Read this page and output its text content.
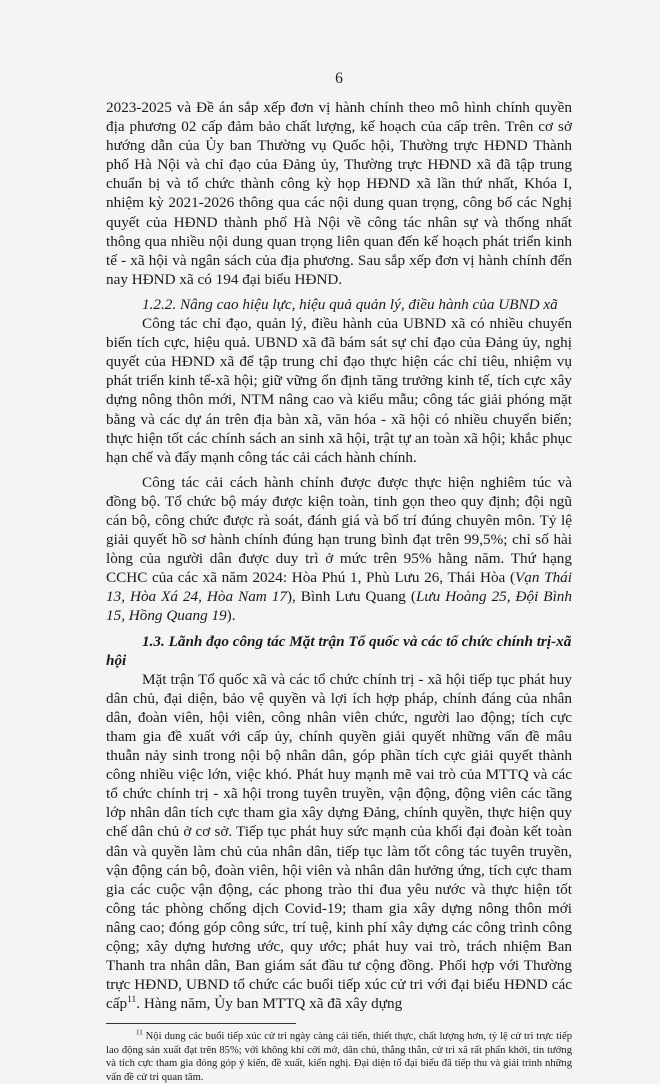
6

2023-2025 và Đề án sắp xếp đơn vị hành chính theo mô hình chính quyền địa phương 02 cấp đảm bảo chất lượng, kế hoạch của cấp trên. Trên cơ sở hướng dẫn của Ủy ban Thường vụ Quốc hội, Thường trực HĐND Thành phố Hà Nội và chỉ đạo của Đảng ủy, Thường trực HĐND xã đã tập trung chuẩn bị và tổ chức thành công kỳ họp HĐND xã lần thứ nhất, Khóa I, nhiệm kỳ 2021-2026 thông qua các nội dung quan trọng, công bố các Nghị quyết của HĐND thành phố Hà Nội về công tác nhân sự và thống nhất thông qua nhiều nội dung quan trọng liên quan đến kế hoạch phát triển kinh tế - xã hội và ngân sách của địa phương. Sau sắp xếp đơn vị hành chính đến nay HĐND xã có 194 đại biểu HĐND.

1.2.2. Nâng cao hiệu lực, hiệu quả quản lý, điều hành của UBND xã

Công tác chỉ đạo, quản lý, điều hành của UBND xã có nhiều chuyển biến tích cực, hiệu quả. UBND xã đã bám sát sự chỉ đạo của Đảng ủy, nghị quyết của HĐND xã để tập trung chỉ đạo thực hiện các chỉ tiêu, nhiệm vụ phát triển kinh tế-xã hội; giữ vững ổn định tăng trưởng kinh tế, tích cực xây dựng nông thôn mới, NTM nâng cao và kiểu mẫu; công tác giải phóng mặt bằng và các dự án trên địa bàn xã, văn hóa - xã hội có nhiều chuyển biến; thực hiện tốt các chính sách an sinh xã hội, trật tự an toàn xã hội; khắc phục hạn chế và đẩy mạnh công tác cải cách hành chính.

Công tác cải cách hành chính được được thực hiện nghiêm túc và đồng bộ. Tổ chức bộ máy được kiện toàn, tinh gọn theo quy định; đội ngũ cán bộ, công chức được rà soát, đánh giá và bố trí đúng chuyên môn. Tỷ lệ giải quyết hồ sơ hành chính đúng hạn trung bình đạt trên 99,5%; chỉ số hài lòng của người dân được duy trì ở mức trên 95% hằng năm. Thứ hạng CCHC của các xã năm 2024: Hòa Phú 1, Phù Lưu 26, Thái Hòa (Vạn Thái 13, Hòa Xá 24, Hòa Nam 17), Bình Lưu Quang (Lưu Hoàng 25, Đội Bình 15, Hồng Quang 19).

1.3. Lãnh đạo công tác Mặt trận Tổ quốc và các tổ chức chính trị-xã hội

Mặt trận Tổ quốc xã và các tổ chức chính trị - xã hội tiếp tục phát huy dân chủ, đại diện, bảo vệ quyền và lợi ích hợp pháp, chính đáng của nhân dân, đoàn viên, hội viên, công nhân viên chức, người lao động; tích cực tham gia đề xuất với cấp ủy, chính quyền giải quyết những vấn đề mâu thuẫn nảy sinh trong nội bộ nhân dân, góp phần tích cực giải quyết thành công nhiều việc lớn, việc khó. Phát huy mạnh mẽ vai trò của MTTQ và các tổ chức chính trị - xã hội trong tuyên truyền, vận động, động viên các tầng lớp nhân dân tích cực tham gia xây dựng Đảng, chính quyền, thực hiện quy chế dân chủ ở cơ sở. Tiếp tục phát huy sức mạnh của khối đại đoàn kết toàn dân và quyền làm chủ của nhân dân, tiếp tục làm tốt công tác tuyên truyền, vận động cán bộ, đoàn viên, hội viên và nhân dân hưởng ứng, tích cực tham gia các cuộc vận động, các phong trào thi đua yêu nước và thực hiện tốt công tác phòng chống dịch Covid-19; tham gia xây dựng nông thôn mới nâng cao; đóng góp công sức, trí tuệ, kinh phí xây dựng các công trình công cộng; xây dựng hương ước, quy ước; phát huy vai trò, trách nhiệm Ban Thanh tra nhân dân, Ban giám sát đầu tư cộng đồng. Phối hợp với Thường trực HĐND, UBND tổ chức các buổi tiếp xúc cử tri với đại biểu HĐND các cấp$^{11}$. Hàng năm, Ủy ban MTTQ xã đã xây dựng

$^{11}$ Nội dung các buổi tiếp xúc cử tri ngày càng cải tiến, thiết thực, chất lượng hơn, tỷ lệ cử tri trực tiếp lao động sản xuất đạt trên 85%; với không khí cởi mở, dân chủ, thẳng thắn, cử tri xã rất phấn khởi, tin tưởng và tích cực tham gia đóng góp ý kiến, đề xuất, kiến nghị. Đại diện tổ đại biểu đã tiếp thu và giải trình những vấn đề cử tri quan tâm.
